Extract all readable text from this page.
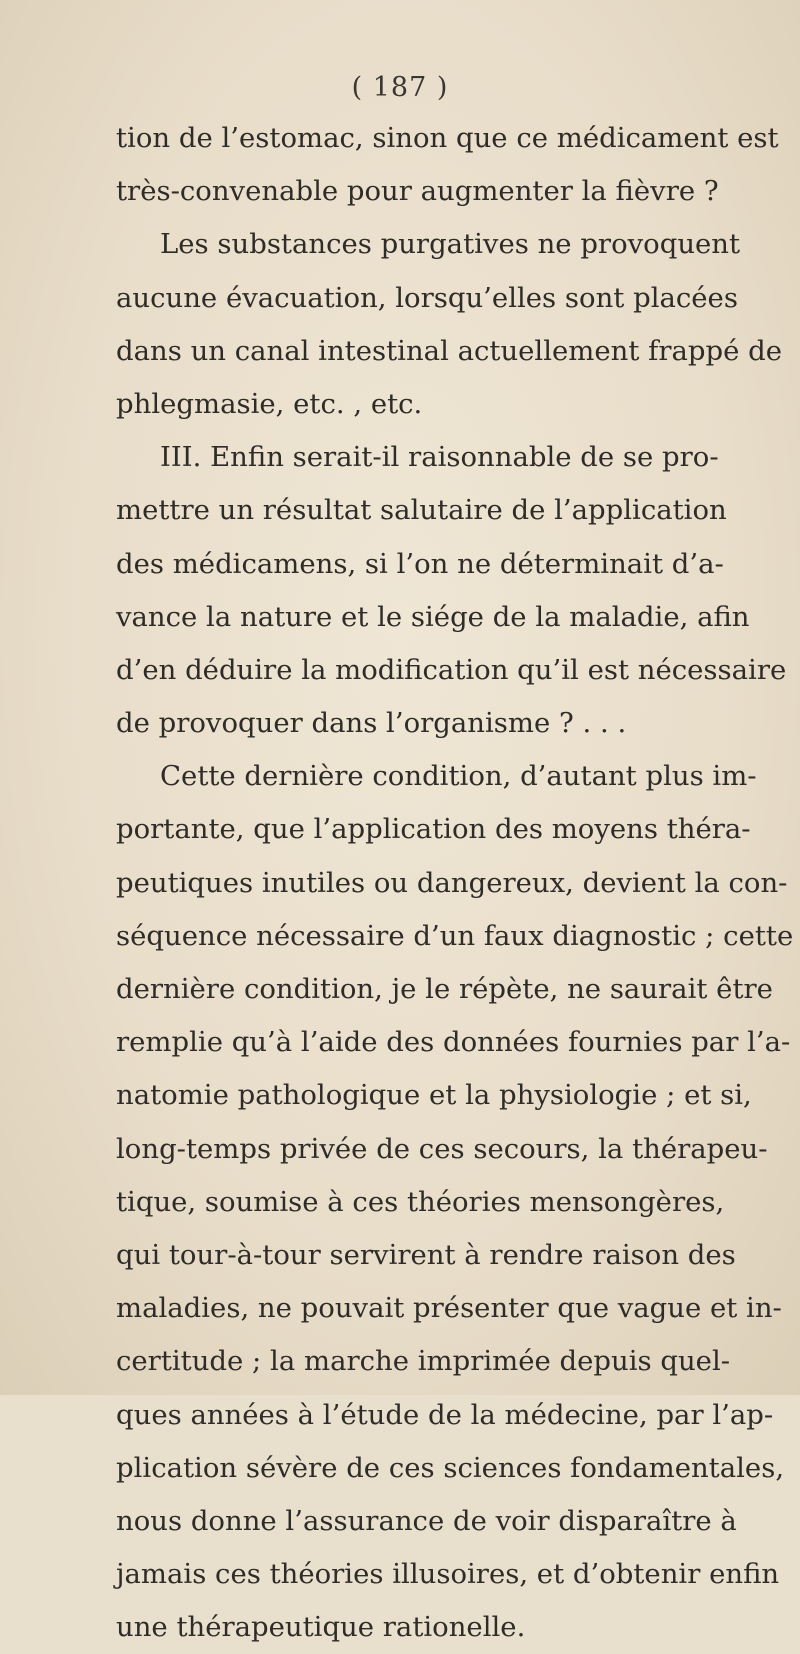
( 187 )
tion de l’estomac, sinon que ce médicament est
très-convenable pour augmenter la fièvre ?
Les substances purgatives ne provoquent
aucune évacuation, lorsqu’elles sont placées
dans un canal intestinal actuellement frappé de
phlegmasie, etc. , etc.
III. Enfin serait-il raisonnable de se pro-
mettre un résultat salutaire de l’application
des médicamens, si l’on ne déterminait d’a-
vance la nature et le siége de la maladie, afin
d’en déduire la modification qu’il est nécessaire
de provoquer dans l’organisme ? . . .
Cette dernière condition, d’autant plus im-
portante, que l’application des moyens théra-
peutiques inutiles ou dangereux, devient la con-
séquence nécessaire d’un faux diagnostic ; cette
dernière condition, je le répète, ne saurait être
remplie qu’à l’aide des données fournies par l’a-
natomie pathologique et la physiologie ; et si,
long-temps privée de ces secours, la thérapeu-
tique, soumise à ces théories mensongères,
qui tour-à-tour servirent à rendre raison des
maladies, ne pouvait présenter que vague et in-
certitude ; la marche imprimée depuis quel-
ques années à l’étude de la médecine, par l’ap-
plication sévère de ces sciences fondamentales,
nous donne l’assurance de voir disparaître à
jamais ces théories illusoires, et d’obtenir enfin
une thérapeutique rationelle.
